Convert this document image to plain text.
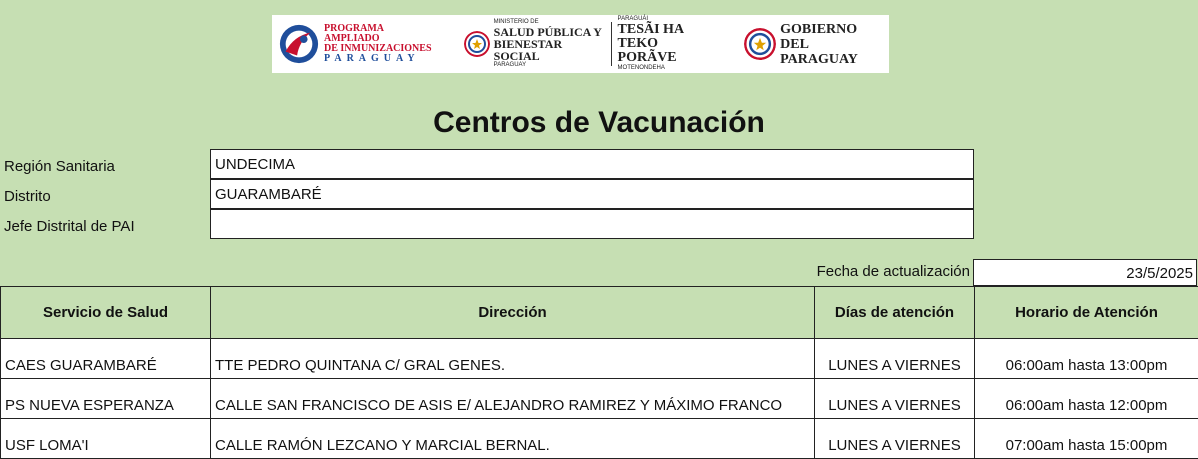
PROGRAMA AMPLIADO
DE INMUNIZACIONES
PARAGUAY
MINISTERIO DE
SALUD PÚBLICA Y
BIENESTAR SOCIAL
PARAGUAY
PARAGUÁI
TESÃI HA TEKO
PORÃVE
MOTENONDEHA
GOBIERNO DEL
PARAGUAY
Centros de Vacunación
Región Sanitaria	UNDECIMA
Distrito	GUARAMBARÉ
Jefe Distrital de PAI
Fecha de actualización	23/5/2025
Servicio de Salud	Dirección	Días de atención	Horario de Atención
CAES GUARAMBARÉ	TTE PEDRO QUINTANA C/ GRAL GENES.	LUNES A VIERNES	06:00am hasta 13:00pm
PS NUEVA ESPERANZA	CALLE SAN FRANCISCO DE ASIS E/ ALEJANDRO RAMIREZ Y MÁXIMO FRANCO	LUNES A VIERNES	06:00am hasta 12:00pm
USF LOMA'I	CALLE RAMÓN LEZCANO Y MARCIAL BERNAL.	LUNES A VIERNES	07:00am hasta 15:00pm
